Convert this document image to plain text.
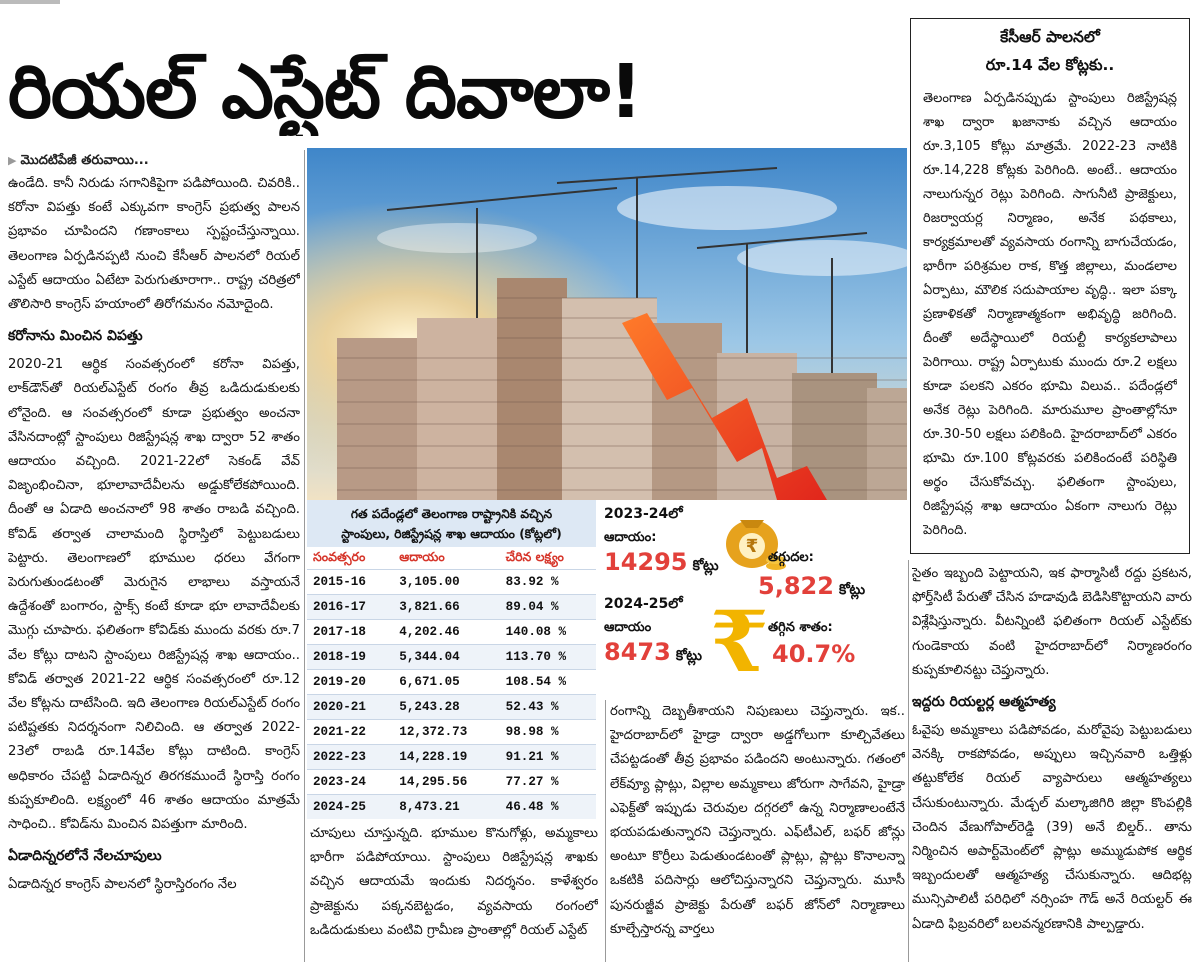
రియల్ ఎస్టేట్ దివాలా!

▶ మొదటిపేజీ తరువాయి...

ఉండేది. కానీ నిరుడు సగానికిపైగా పడిపోయింది. చివరికి.. కరోనా విపత్తు కంటే ఎక్కువగా కాంగ్రెస్ ప్రభుత్వ పాలన ప్రభావం చూపిందని గణాంకాలు స్పష్టంచేస్తున్నాయి. తెలంగాణ ఏర్పడినప్పటి నుంచి కేసీఆర్ పాలనలో రియల్ ఎస్టేట్ ఆదాయం ఏటేటా పెరుగుతూరాగా.. రాష్ట్ర చరిత్రలో తొలిసారి కాంగ్రెస్ హయాంలో తిరోగమనం నమోదైంది.

కరోనాను మించిన విపత్తు

2020-21 ఆర్థిక సంవత్సరంలో కరోనా విపత్తు, లాక్‌డౌన్‌తో రియల్‌ఎస్టేట్ రంగం తీవ్ర ఒడిదుడుకులకు లోనైంది. ఆ సంవత్సరంలో కూడా ప్రభుత్వం అంచనా వేసినదాంట్లో స్టాంపులు రిజిస్ట్రేషన్ల శాఖ ద్వారా 52 శాతం ఆదాయం వచ్చింది. 2021-22లో సెకండ్ వేవ్ విజృంభించినా, భూలావాదేవీలను అడ్డుకోలేకపోయింది. దీంతో ఆ ఏడాది అంచనాలో 98 శాతం రాబడి వచ్చింది. కోవిడ్ తర్వాత చాలామంది స్థిరాస్తిలో పెట్టుబడులు పెట్టారు. తెలంగాణలో భూముల ధరలు వేగంగా పెరుగుతుండటంతో మెరుగైన లాభాలు వస్తాయనే ఉద్దేశంతో బంగారం, స్టాక్స్ కంటే కూడా భూ లావాదేవీలకు మొగ్గు చూపారు. ఫలితంగా కోవిడ్‌కు ముందు వరకు రూ.7 వేల కోట్లు దాటని స్టాంపులు రిజిస్ట్రేషన్ల శాఖ ఆదాయం.. కోవిడ్ తర్వాత 2021-22 ఆర్థిక సంవత్సరంలో రూ.12 వేల కోట్లను దాటేసింది. ఇది తెలంగాణ రియల్‌ఎస్టేట్ రంగం పటిష్టతకు నిదర్శనంగా నిలిచింది. ఆ తర్వాత 2022-23లో రాబడి రూ.14వేల కోట్లు దాటింది. కాంగ్రెస్ అధికారం చేపట్టి ఏడాదిన్నర తిరగకముందే స్థిరాస్తి రంగం కుప్పకూలింది. లక్ష్యంలో 46 శాతం ఆదాయం మాత్రమే సాధించి.. కోవిడ్‌ను మించిన విపత్తుగా మారింది.

ఏడాదిన్నరలోనే నేలచూపులు

ఏడాదిన్నర కాంగ్రెస్ పాలనలో స్థిరాస్తిరంగం నేల

కేసీఆర్ పాలనలో
రూ.14 వేల కోట్లకు..
తెలంగాణ ఏర్పడినప్పుడు స్టాంపులు రిజిస్ట్రేషన్ల శాఖ ద్వారా ఖజానాకు వచ్చిన ఆదాయం రూ.3,105 కోట్లు మాత్రమే. 2022-23 నాటికి రూ.14,228 కోట్లకు పెరిగింది. అంటే.. ఆదాయం నాలుగున్నర రెట్లు పెరిగింది. సాగునీటి ప్రాజెక్టులు, రిజర్వాయర్ల నిర్మాణం, అనేక పథకాలు, కార్యక్రమాలతో వ్యవసాయ రంగాన్ని బాగుచేయడం, భారీగా పరిశ్రమల రాక, కొత్త జిల్లాలు, మండలాల ఏర్పాటు, మౌలిక సదుపాయాల వృద్ధి.. ఇలా పక్కా ప్రణాళికతో నిర్మాణాత్మకంగా అభివృద్ధి జరిగింది. దీంతో అదేస్థాయిలో రియల్టీ కార్యకలాపాలు పెరిగాయి. రాష్ట్ర ఏర్పాటుకు ముందు రూ.2 లక్షలు కూడా పలకని ఎకరం భూమి విలువ.. పదేండ్లలో అనేక రెట్లు పెరిగింది. మారుమూల ప్రాంతాల్లోనూ రూ.30-50 లక్షలు పలికింది. హైదరాబాద్‌లో ఎకరం భూమి రూ.100 కోట్లవరకు పలికిందంటే పరిస్థితి అర్థం చేసుకోవచ్చు. ఫలితంగా స్టాంపులు, రిజిస్ట్రేషన్ల శాఖ ఆదాయం ఏకంగా నాలుగు రెట్లు పెరిగింది.
గత పదేండ్లలో తెలంగాణ రాష్ట్రానికి వచ్చిన
స్టాంపులు, రిజిస్ట్రేషన్ల శాఖ ఆదాయం (కోట్లలో)
సంవత్సరం	ఆదాయం	చేరిన లక్ష్యం
2015-16	3,105.00	83.92 %
2016-17	3,821.66	89.04 %
2017-18	4,202.46	140.08 %
2018-19	5,344.04	113.70 %
2019-20	6,671.05	108.54 %
2020-21	5,243.28	52.43 %
2021-22	12,372.73	98.98 %
2022-23	14,228.19	91.21 %
2023-24	14,295.56	77.27 %
2024-25	8,473.21	46.48 %
2023-24లో
ఆదాయం:
14295 కోట్లు
₹
తగ్గుదల:
5,822 కోట్లు
2024-25లో
ఆదాయం
8473 కోట్లు ₹ తగ్గిన శాతం:
40.7%
చూపులు చూస్తున్నది. భూముల కొనుగోళ్లు, అమ్మకాలు భారీగా పడిపోయాయి. స్టాంపులు రిజిస్ట్రేషన్ల శాఖకు వచ్చిన ఆదాయమే ఇందుకు నిదర్శనం. కాళేశ్వరం ప్రాజెక్టును పక్కనబెట్టడం, వ్యవసాయ రంగంలో ఒడిదుడుకులు వంటివి గ్రామీణ ప్రాంతాల్లో రియల్ ఎస్టేట్
రంగాన్ని దెబ్బతీశాయని నిపుణులు చెప్తున్నారు. ఇక.. హైదరాబాద్‌లో హైడ్రా ద్వారా అడ్డగోలుగా కూల్చివేతలు చేపట్టడంతో తీవ్ర ప్రభావం పడిందని అంటున్నారు. గతంలో లేక్‌వ్యూ ప్లాట్లు, విల్లాల అమ్మకాలు జోరుగా సాగేవని, హైడ్రా ఎఫెక్ట్‌తో ఇప్పుడు చెరువుల దగ్గరలో ఉన్న నిర్మాణాలంటేనే భయపడుతున్నారని చెప్తున్నారు. ఎఫ్‌టీఎల్, బఫర్ జోన్లు అంటూ కొర్రీలు పెడుతుండటంతో ప్లాట్లు, ప్లాట్లు కొనాలన్నా ఒకటికి పదిసార్లు ఆలోచిస్తున్నారని చెప్తున్నారు. మూసీ పునరుజ్జీవ ప్రాజెక్టు పేరుతో బఫర్ జోన్‌లో నిర్మాణాలు కూల్చేస్తారన్న వార్తలు

సైతం ఇబ్బంది పెట్టాయని, ఇక ఫార్మాసిటీ రద్దు ప్రకటన, ఫోర్త్‌సిటీ పేరుతో చేసిన హడావుడి బెడిసికొట్టాయని వారు విశ్లేషిస్తున్నారు. వీటన్నింటి ఫలితంగా రియల్ ఎస్టేట్‌కు గుండెకాయ వంటి హైదరాబాద్‌లో నిర్మాణరంగం కుప్పకూలినట్టు చెప్తున్నారు.

ఇద్దరు రియల్టర్ల ఆత్మహత్య

ఓవైపు అమ్మకాలు పడిపోవడం, మరోవైపు పెట్టుబడులు వెనక్కి రాకపోవడం, అప్పులు ఇచ్చినవారి ఒత్తిళ్లు తట్టుకోలేక రియల్ వ్యాపారులు ఆత్మహత్యలు చేసుకుంటున్నారు. మేడ్చల్ మల్కాజిగిరి జిల్లా కొంపల్లికి చెందిన వేణుగోపాల్‌రెడ్డి (39) అనే బిల్డర్.. తాను నిర్మించిన అపార్ట్‌మెంట్‌లో ప్లాట్లు అమ్ముడుపోక ఆర్థిక ఇబ్బందులతో ఆత్మహత్య చేసుకున్నారు. ఆదిభట్ల మున్సిపాలిటీ పరిధిలో నర్సింహ గౌడ్ అనే రియల్టర్ ఈ ఏడాది ఫిబ్రవరిలో బలవన్మరణానికి పాల్పడ్డారు.
